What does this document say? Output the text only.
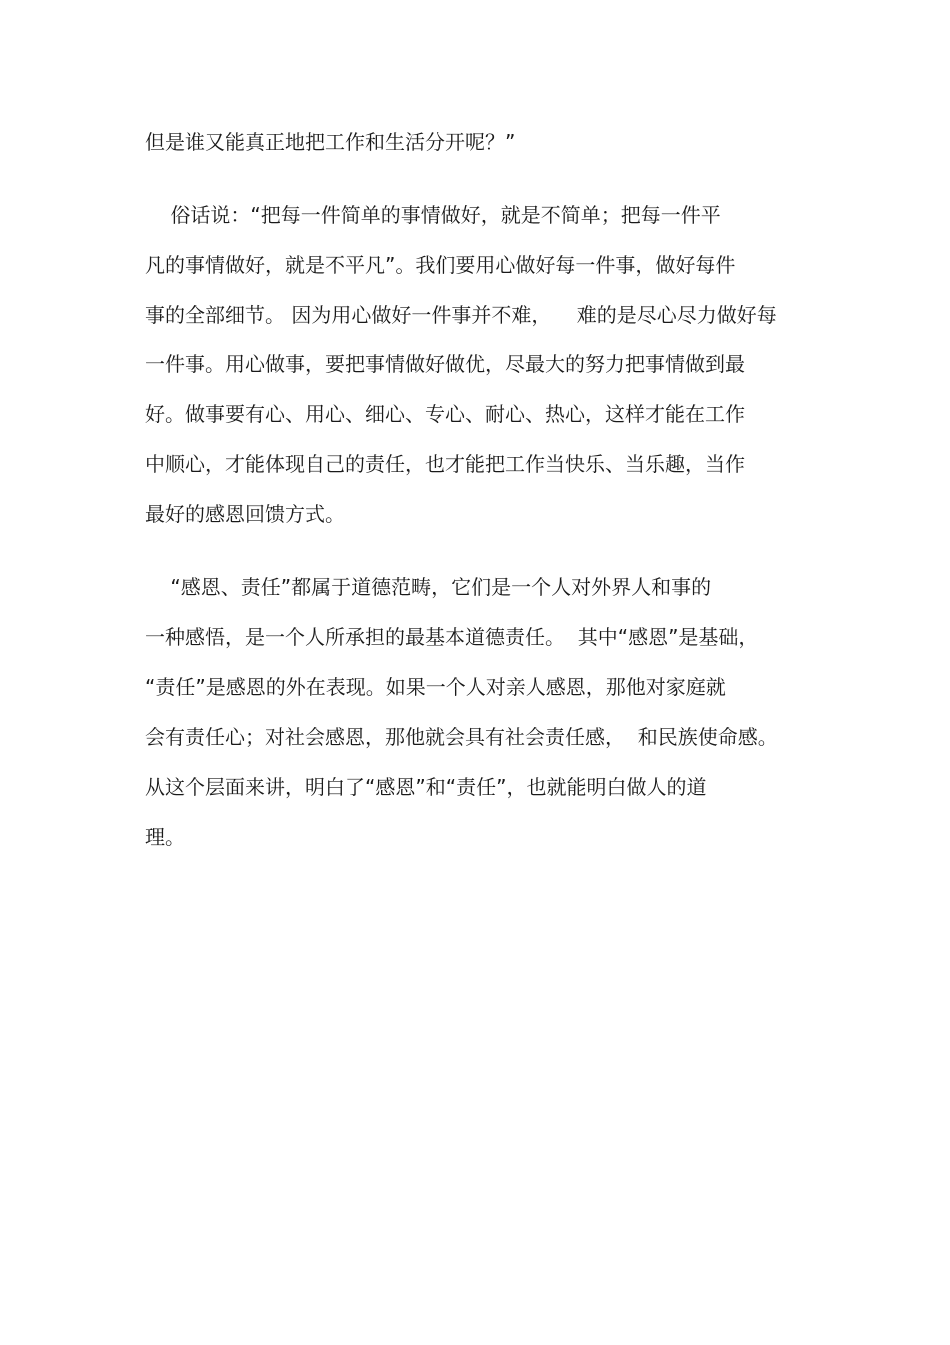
但是谁又能真正地把工作和生活分开呢？”
俗话说：“把每一件简单的事情做好，就是不简单；把每一件平
凡的事情做好，就是不平凡”。我们要用心做好每一件事，做好每件
事的全部细节。 因为用心做好一件事并不难，    难的是尽心尽力做好每
一件事。用心做事，要把事情做好做优，尽最大的努力把事情做到最
好。做事要有心、用心、细心、专心、耐心、热心，这样才能在工作
中顺心，才能体现自己的责任，也才能把工作当快乐、当乐趣，当作
最好的感恩回馈方式。
“感恩、责任”都属于道德范畴，它们是一个人对外界人和事的
一种感悟，是一个人所承担的最基本道德责任。  其中“感恩”是基础，
“责任”是感恩的外在表现。如果一个人对亲人感恩，那他对家庭就
会有责任心；对社会感恩，那他就会具有社会责任感，  和民族使命感。
从这个层面来讲，明白了“感恩”和“责任”，也就能明白做人的道
理。
